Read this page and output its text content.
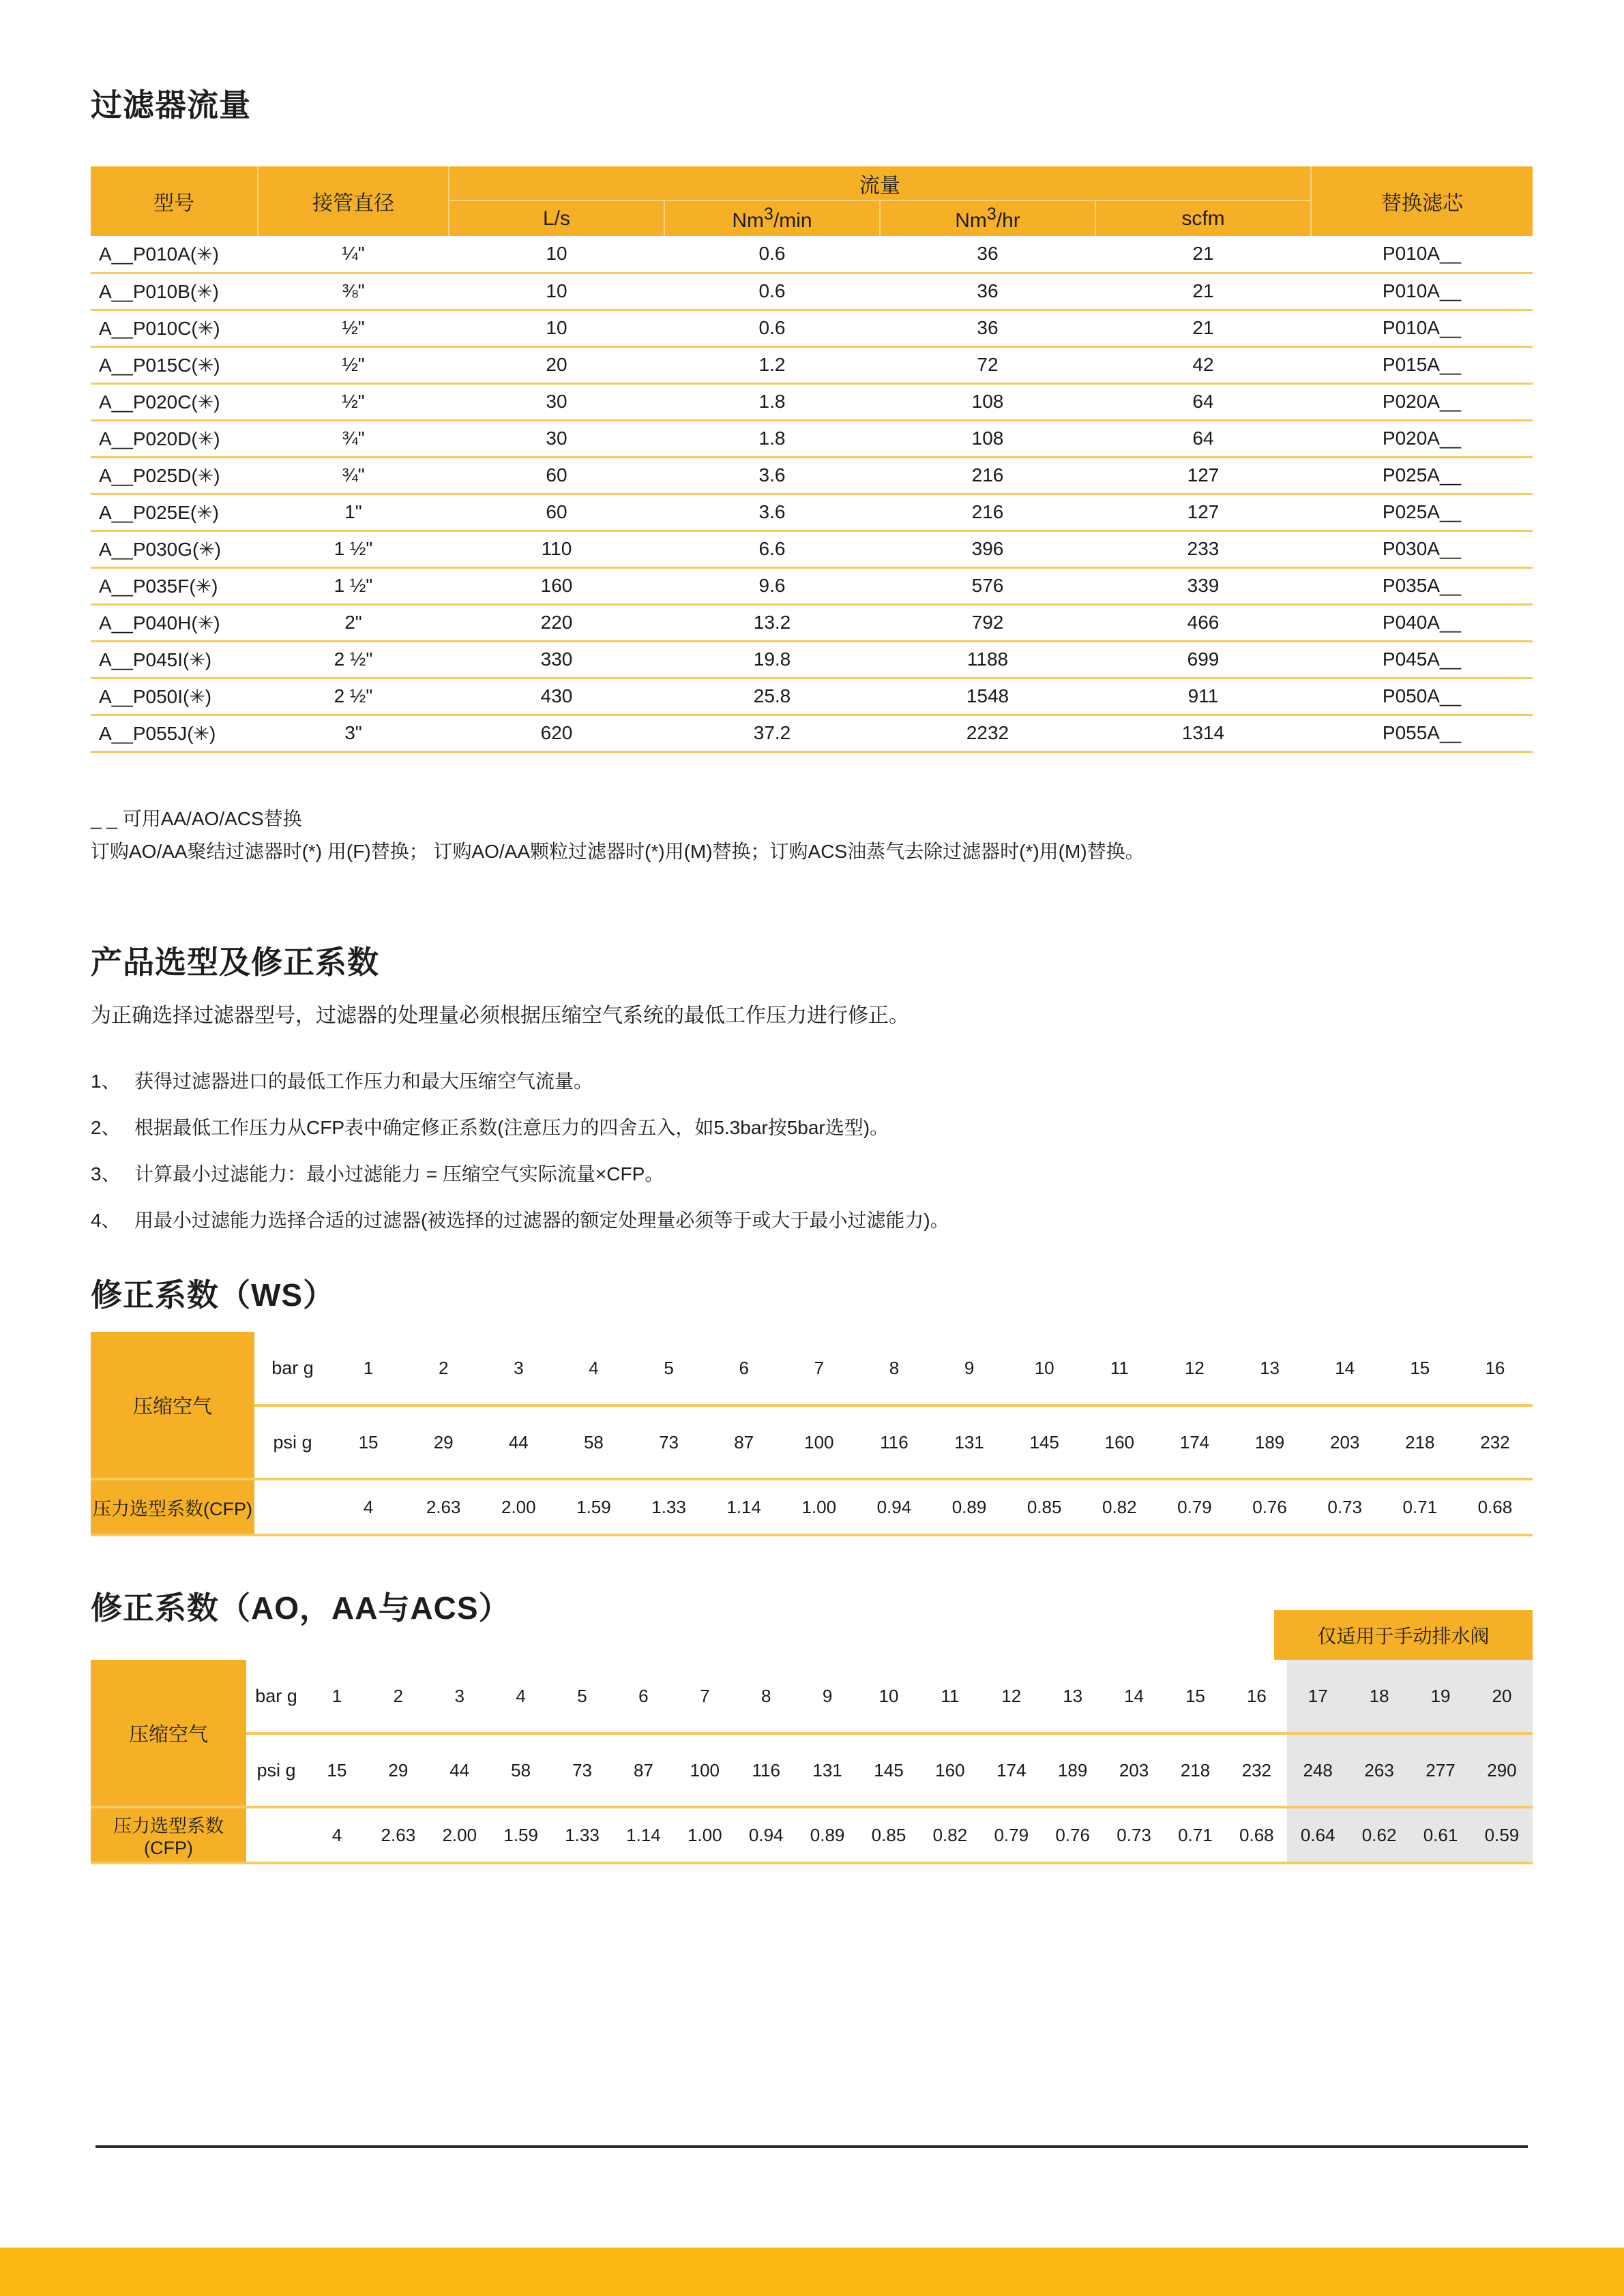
过滤器流量
型号	接管直径	流量				替换滤芯
		L/s	Nm$^3$/min	Nm$^3$/hr	scfm	
A__P010A(✳)	¼"	10	0.6	36	21	P010A__
A__P010B(✳)	⅜"	10	0.6	36	21	P010A__
A__P010C(✳)	½"	10	0.6	36	21	P010A__
A__P015C(✳)	½"	20	1.2	72	42	P015A__
A__P020C(✳)	½"	30	1.8	108	64	P020A__
A__P020D(✳)	¾"	30	1.8	108	64	P020A__
A__P025D(✳)	¾"	60	3.6	216	127	P025A__
A__P025E(✳)	1"	60	3.6	216	127	P025A__
A__P030G(✳)	1 ½"	110	6.6	396	233	P030A__
A__P035F(✳)	1 ½"	160	9.6	576	339	P035A__
A__P040H(✳)	2"	220	13.2	792	466	P040A__
A__P045I(✳)	2 ½"	330	19.8	1188	699	P045A__
A__P050I(✳)	2 ½"	430	25.8	1548	911	P050A__
A__P055J(✳)	3"	620	37.2	2232	1314	P055A__
_ _ 可用AA/AO/ACS替换
订购AO/AA聚结过滤器时(*) 用(F)替换； 订购AO/AA颗粒过滤器时(*)用(M)替换；订购ACS油蒸气去除过滤器时(*)用(M)替换。
产品选型及修正系数
为正确选择过滤器型号，过滤器的处理量必须根据压缩空气系统的最低工作压力进行修正。
1、 获得过滤器进口的最低工作压力和最大压缩空气流量。
2、 根据最低工作压力从CFP表中确定修正系数(注意压力的四舍五入，如5.3bar按5bar选型)。
3、 计算最小过滤能力：最小过滤能力 = 压缩空气实际流量×CFP。
4、 用最小过滤能力选择合适的过滤器(被选择的过滤器的额定处理量必须等于或大于最小过滤能力)。
修正系数（WS）
压缩空气	bar g	1	2	3	4	5	6	7	8	9	10	11	12	13	14	15	16
	psi g	15	29	44	58	73	87	100	116	131	145	160	174	189	203	218	232
压力选型系数(CFP)		4	2.63	2.00	1.59	1.33	1.14	1.00	0.94	0.89	0.85	0.82	0.79	0.76	0.73	0.71	0.68
修正系数（AO，AA与ACS）
仅适用于手动排水阀
压缩空气	bar g	1	2	3	4	5	6	7	8	9	10	11	12	13	14	15	16	17	18	19	20
	psi g	15	29	44	58	73	87	100	116	131	145	160	174	189	203	218	232	248	263	277	290
压力选型系数(CFP)		4	2.63	2.00	1.59	1.33	1.14	1.00	0.94	0.89	0.85	0.82	0.79	0.76	0.73	0.71	0.68	0.64	0.62	0.61	0.59
